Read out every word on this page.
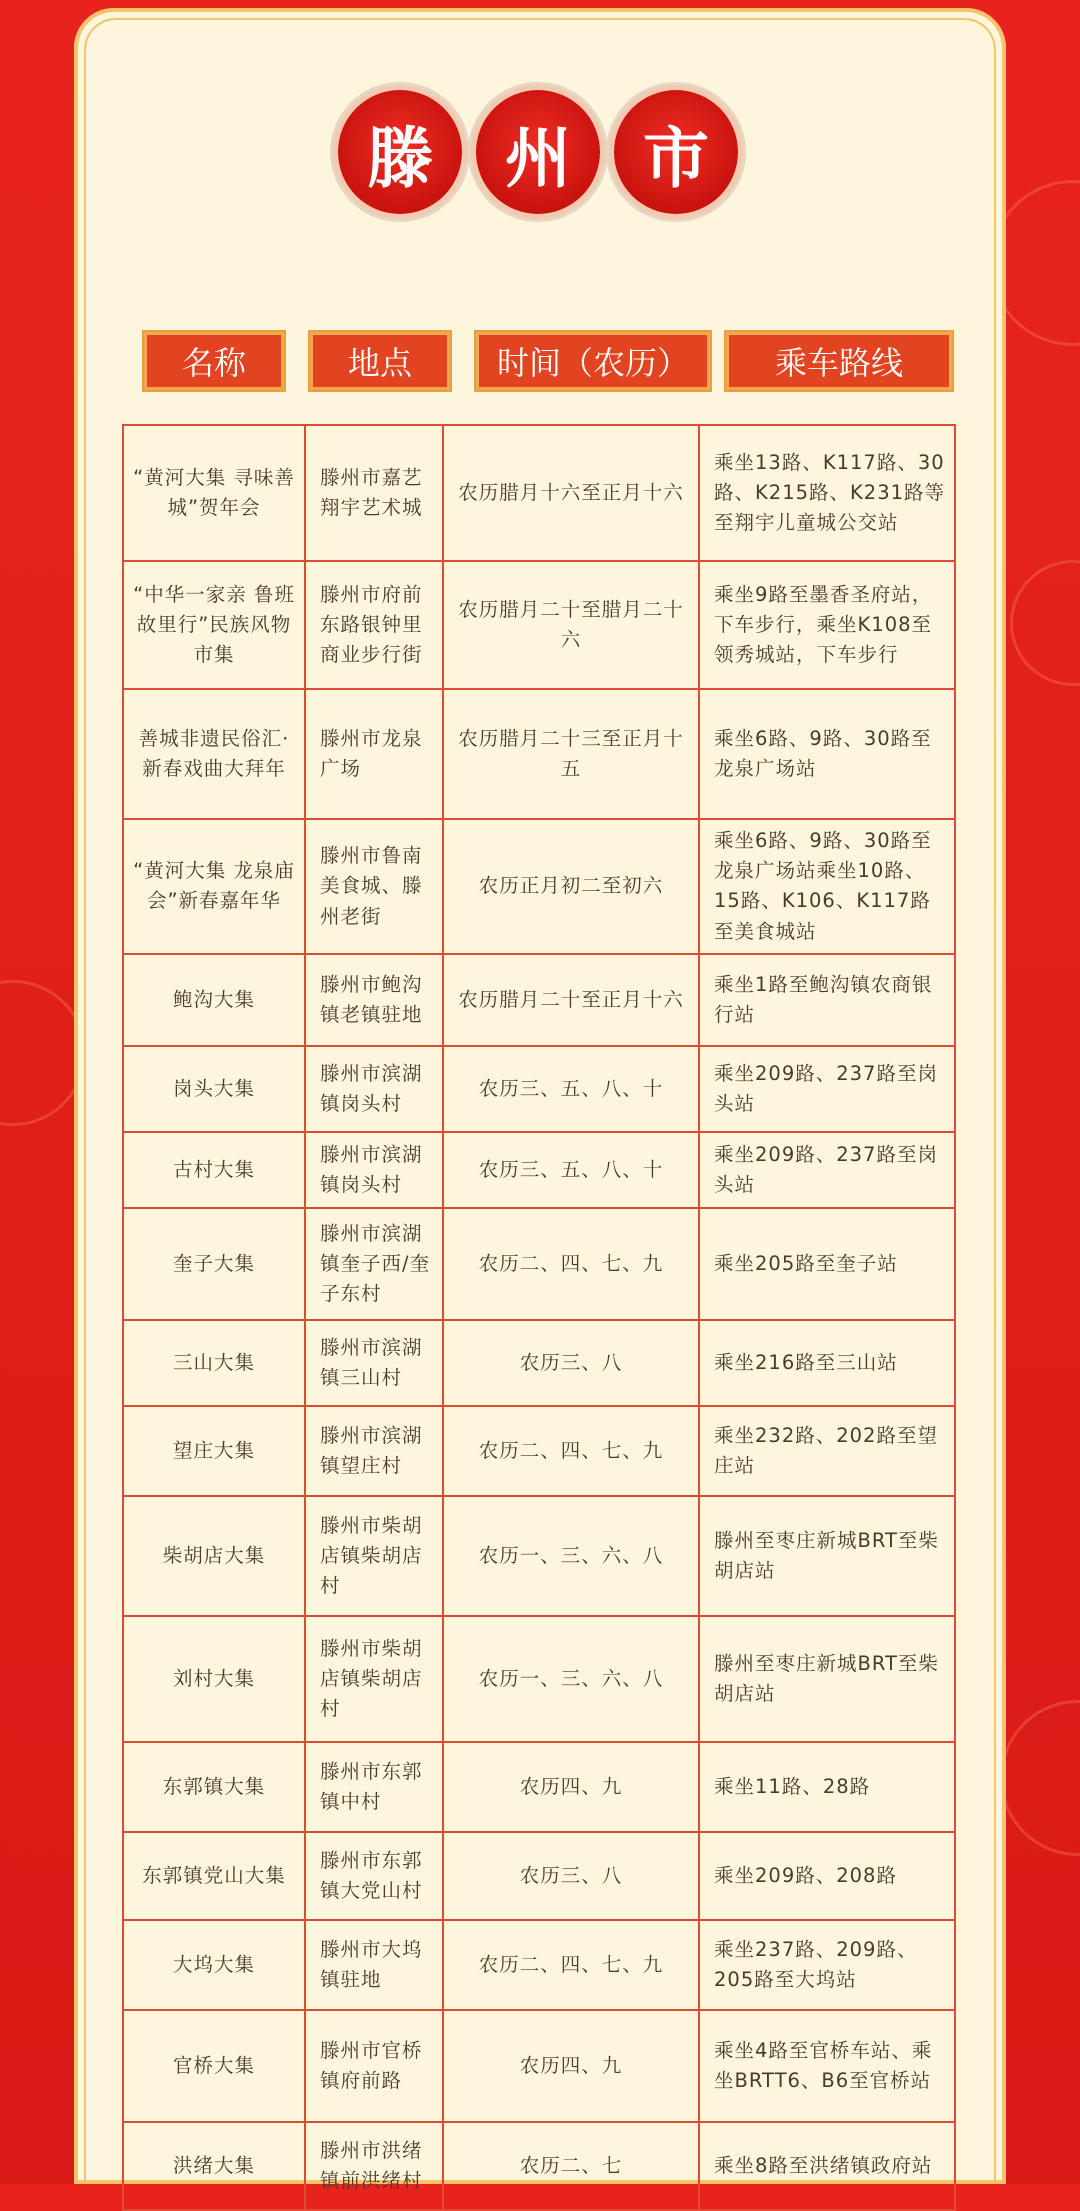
滕	州	市
名称	地点	时间（农历）	乘车路线
“黄河大集 寻味善城”贺年会	滕州市嘉艺翔宇艺术城	农历腊月十六至正月十六	乘坐13路、K117路、30路、K215路、K231路等至翔宇儿童城公交站
“中华一家亲 鲁班故里行”民族风物市集	滕州市府前东路银钟里商业步行街	农历腊月二十至腊月二十六	乘坐9路至墨香圣府站，下车步行，乘坐K108至领秀城站，下车步行
善城非遗民俗汇·新春戏曲大拜年	滕州市龙泉广场	农历腊月二十三至正月十五	乘坐6路、9路、30路至龙泉广场站
“黄河大集 龙泉庙会”新春嘉年华	滕州市鲁南美食城、滕州老街	农历正月初二至初六	乘坐6路、9路、30路至龙泉广场站乘坐10路、15路、K106、K117路至美食城站
鲍沟大集	滕州市鲍沟镇老镇驻地	农历腊月二十至正月十六	乘坐1路至鲍沟镇农商银行站
岗头大集	滕州市滨湖镇岗头村	农历三、五、八、十	乘坐209路、237路至岗头站
古村大集	滕州市滨湖镇岗头村	农历三、五、八、十	乘坐209路、237路至岗头站
奎子大集	滕州市滨湖镇奎子西/奎子东村	农历二、四、七、九	乘坐205路至奎子站
三山大集	滕州市滨湖镇三山村	农历三、八	乘坐216路至三山站
望庄大集	滕州市滨湖镇望庄村	农历二、四、七、九	乘坐232路、202路至望庄站
柴胡店大集	滕州市柴胡店镇柴胡店村	农历一、三、六、八	滕州至枣庄新城BRT至柴胡店站
刘村大集	滕州市柴胡店镇柴胡店村	农历一、三、六、八	滕州至枣庄新城BRT至柴胡店站
东郭镇大集	滕州市东郭镇中村	农历四、九	乘坐11路、28路
东郭镇党山大集	滕州市东郭镇大党山村	农历三、八	乘坐209路、208路
大坞大集	滕州市大坞镇驻地	农历二、四、七、九	乘坐237路、209路、205路至大坞站
官桥大集	滕州市官桥镇府前路	农历四、九	乘坐4路至官桥车站、乘坐BRTT6、B6至官桥站
洪绪大集	滕州市洪绪镇前洪绪村	农历二、七	乘坐8路至洪绪镇政府站
